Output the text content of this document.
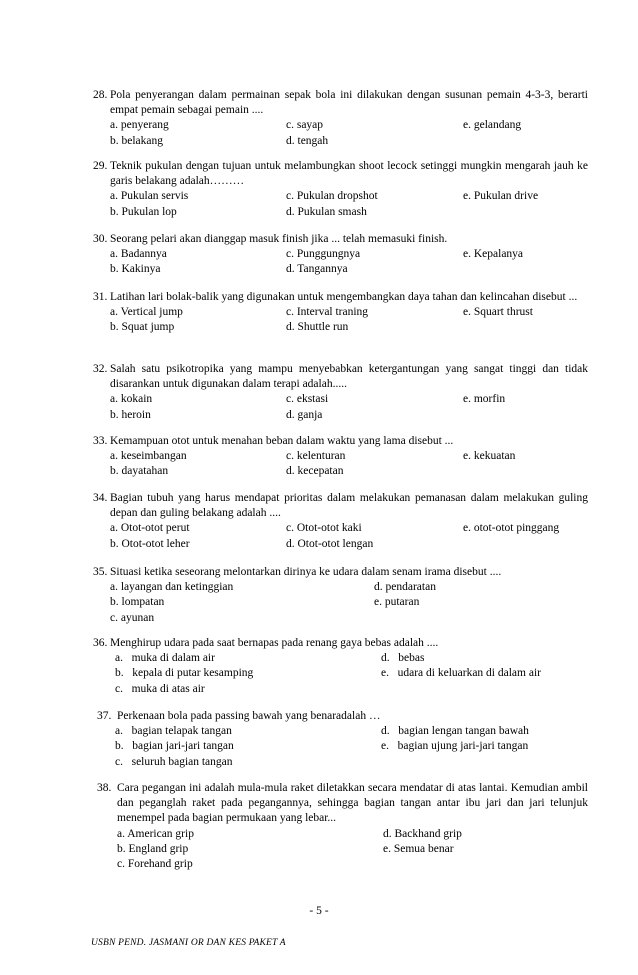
28. Pola penyerangan dalam permainan sepak bola ini dilakukan dengan susunan pemain 4-3-3, berarti empat pemain sebagai pemain ....
a. penyerang	c. sayap	e. gelandang
b. belakang	d. tengah
29. Teknik pukulan dengan tujuan untuk melambungkan shoot lecock setinggi mungkin mengarah jauh ke garis belakang adalah………
a. Pukulan servis	c. Pukulan dropshot	e. Pukulan drive
b. Pukulan lop	d. Pukulan smash
30. Seorang pelari akan dianggap masuk finish jika ... telah memasuki finish.
a. Badannya	c. Punggungnya	e. Kepalanya
b. Kakinya	d. Tangannya
31. Latihan lari bolak-balik yang digunakan untuk mengembangkan daya tahan dan kelincahan disebut ...
a. Vertical jump	c. Interval traning	e. Squart thrust
b. Squat jump	d. Shuttle run
32. Salah satu psikotropika yang mampu menyebabkan ketergantungan yang sangat tinggi dan tidak disarankan untuk digunakan dalam terapi adalah.....
a. kokain	c. ekstasi	e. morfin
b. heroin	d. ganja
33. Kemampuan otot untuk menahan beban dalam waktu yang lama disebut ...
a. keseimbangan	c. kelenturan	e. kekuatan
b. dayatahan	d. kecepatan
34. Bagian tubuh yang harus mendapat prioritas dalam melakukan pemanasan dalam melakukan guling depan dan guling belakang adalah ....
a. Otot-otot perut	c. Otot-otot kaki	e. otot-otot pinggang
b. Otot-otot leher	d. Otot-otot lengan
35. Situasi ketika seseorang melontarkan dirinya ke udara dalam senam irama disebut ....
a. layangan dan ketinggian	d. pendaratan
b. lompatan	e. putaran
c. ayunan
36. Menghirup udara pada saat bernapas pada renang gaya bebas adalah ....
a.   muka di dalam air	d.   bebas
b.   kepala di putar kesamping	e.   udara di keluarkan di dalam air
c.   muka di atas air
37. Perkenaan bola pada passing bawah yang benaradalah …
a.   bagian telapak tangan	d.   bagian lengan tangan bawah
b.   bagian jari-jari tangan	e.   bagian ujung jari-jari tangan
c.   seluruh bagian tangan
38. Cara pegangan ini adalah mula-mula raket diletakkan secara mendatar di atas lantai. Kemudian ambil dan peganglah raket pada pegangannya, sehingga bagian tangan antar ibu jari dan jari telunjuk menempel pada bagian permukaan yang lebar...
a. American grip	d. Backhand grip
b. England grip	e. Semua benar
c. Forehand grip
- 5 -
USBN PEND. JASMANI OR DAN KES PAKET A
